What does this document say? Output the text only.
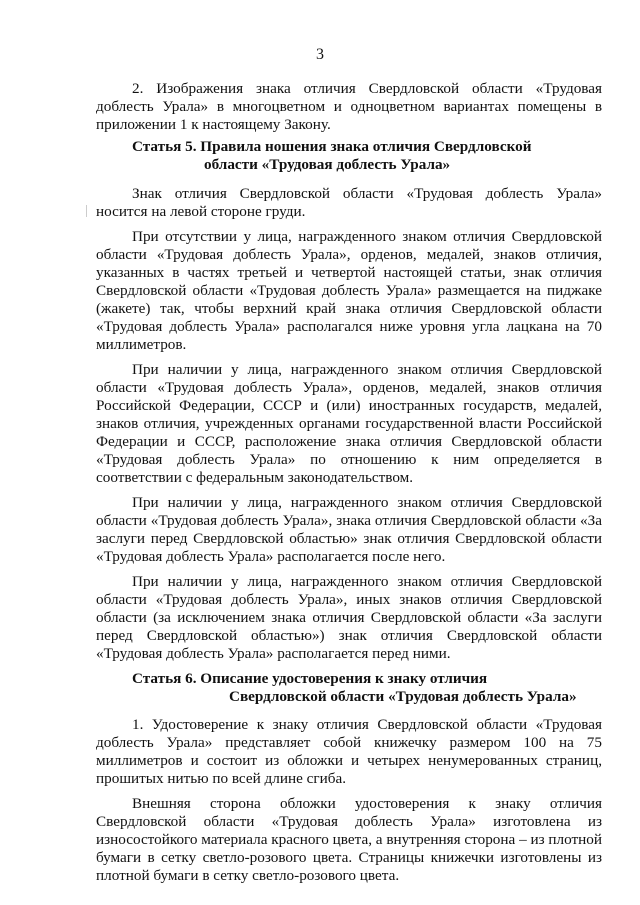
3

2. Изображения знака отличия Свердловской области «Трудовая доблесть Урала» в многоцветном и одноцветном вариантах помещены в приложении 1 к настоящему Закону.

Статья 5. Правила ношения знака отличия Свердловской
области «Трудовая доблесть Урала»

Знак отличия Свердловской области «Трудовая доблесть Урала» носится на левой стороне груди.

При отсутствии у лица, награжденного знаком отличия Свердловской области «Трудовая доблесть Урала», орденов, медалей, знаков отличия, указанных в частях третьей и четвертой настоящей статьи, знак отличия Свердловской области «Трудовая доблесть Урала» размещается на пиджаке (жакете) так, чтобы верхний край знака отличия Свердловской области «Трудовая доблесть Урала» располагался ниже уровня угла лацкана на 70 миллиметров.

При наличии у лица, награжденного знаком отличия Свердловской области «Трудовая доблесть Урала», орденов, медалей, знаков отличия Российской Федерации, СССР и (или) иностранных государств, медалей, знаков отличия, учрежденных органами государственной власти Российской Федерации и СССР, расположение знака отличия Свердловской области «Трудовая доблесть Урала» по отношению к ним определяется в соответствии с федеральным законодательством.

При наличии у лица, награжденного знаком отличия Свердловской области «Трудовая доблесть Урала», знака отличия Свердловской области «За заслуги перед Свердловской областью» знак отличия Свердловской области «Трудовая доблесть Урала» располагается после него.

При наличии у лица, награжденного знаком отличия Свердловской области «Трудовая доблесть Урала», иных знаков отличия Свердловской области (за исключением знака отличия Свердловской области «За заслуги перед Свердловской областью») знак отличия Свердловской области «Трудовая доблесть Урала» располагается перед ними.

Статья 6. Описание удостоверения к знаку отличия
Свердловской области «Трудовая доблесть Урала»

1. Удостоверение к знаку отличия Свердловской области «Трудовая доблесть Урала» представляет собой книжечку размером 100 на 75 миллиметров и состоит из обложки и четырех ненумерованных страниц, прошитых нитью по всей длине сгиба.

Внешняя сторона обложки удостоверения к знаку отличия Свердловской области «Трудовая доблесть Урала» изготовлена из износостойкого материала красного цвета, а внутренняя сторона – из плотной бумаги в сетку светло-розового цвета. Страницы книжечки изготовлены из плотной бумаги в сетку светло-розового цвета.
